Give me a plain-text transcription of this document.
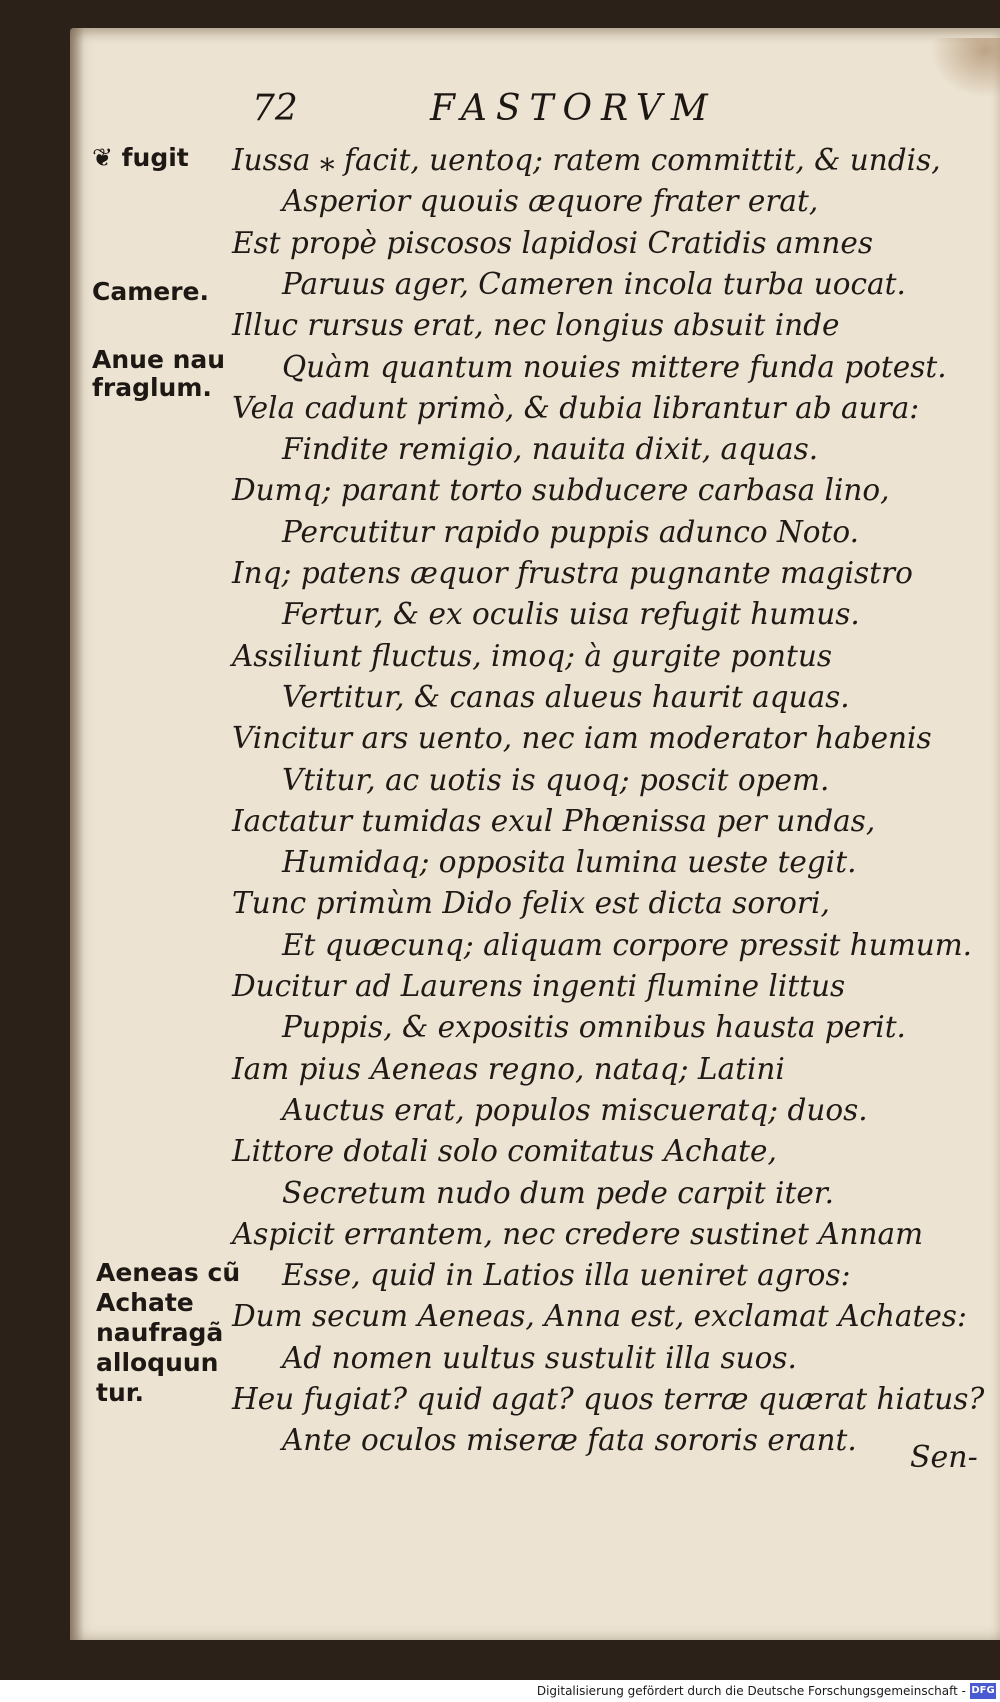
72	FASTORVM
❦ fugit
Camere.
Anue nau
fraglum.
Aeneas cũ
Achate
naufragã
alloquun
tur.
Iussa ⁎ facit, uentoq; ratem committit, & undis,
Asperior quouis æquore frater erat,
Est propè piscosos lapidosi Cratidis amnes
Paruus ager, Cameren incola turba uocat.
Illuc rursus erat, nec longius absuit inde
Quàm quantum nouies mittere funda potest.
Vela cadunt primò, & dubia librantur ab aura:
Findite remigio, nauita dixit, aquas.
Dumq; parant torto subducere carbasa lino,
Percutitur rapido puppis adunco Noto.
Inq; patens æquor frustra pugnante magistro
Fertur, & ex oculis uisa refugit humus.
Assiliunt fluctus, imoq; à gurgite pontus
Vertitur, & canas alueus haurit aquas.
Vincitur ars uento, nec iam moderator habenis
Vtitur, ac uotis is quoq; poscit opem.
Iactatur tumidas exul Phœnissa per undas,
Humidaq; opposita lumina ueste tegit.
Tunc primùm Dido felix est dicta sorori,
Et quæcunq; aliquam corpore pressit humum.
Ducitur ad Laurens ingenti flumine littus
Puppis, & expositis omnibus hausta perit.
Iam pius Aeneas regno, nataq; Latini
Auctus erat, populos miscueratq; duos.
Littore dotali solo comitatus Achate,
Secretum nudo dum pede carpit iter.
Aspicit errantem, nec credere sustinet Annam
Esse, quid in Latios illa ueniret agros:
Dum secum Aeneas, Anna est, exclamat Achates:
Ad nomen uultus sustulit illa suos.
Heu fugiat? quid agat? quos terræ quærat hiatus?
Ante oculos miseræ fata sororis erant. Sen-
Digitalisierung gefördert durch die Deutsche Forschungsgemeinschaft - DFG
